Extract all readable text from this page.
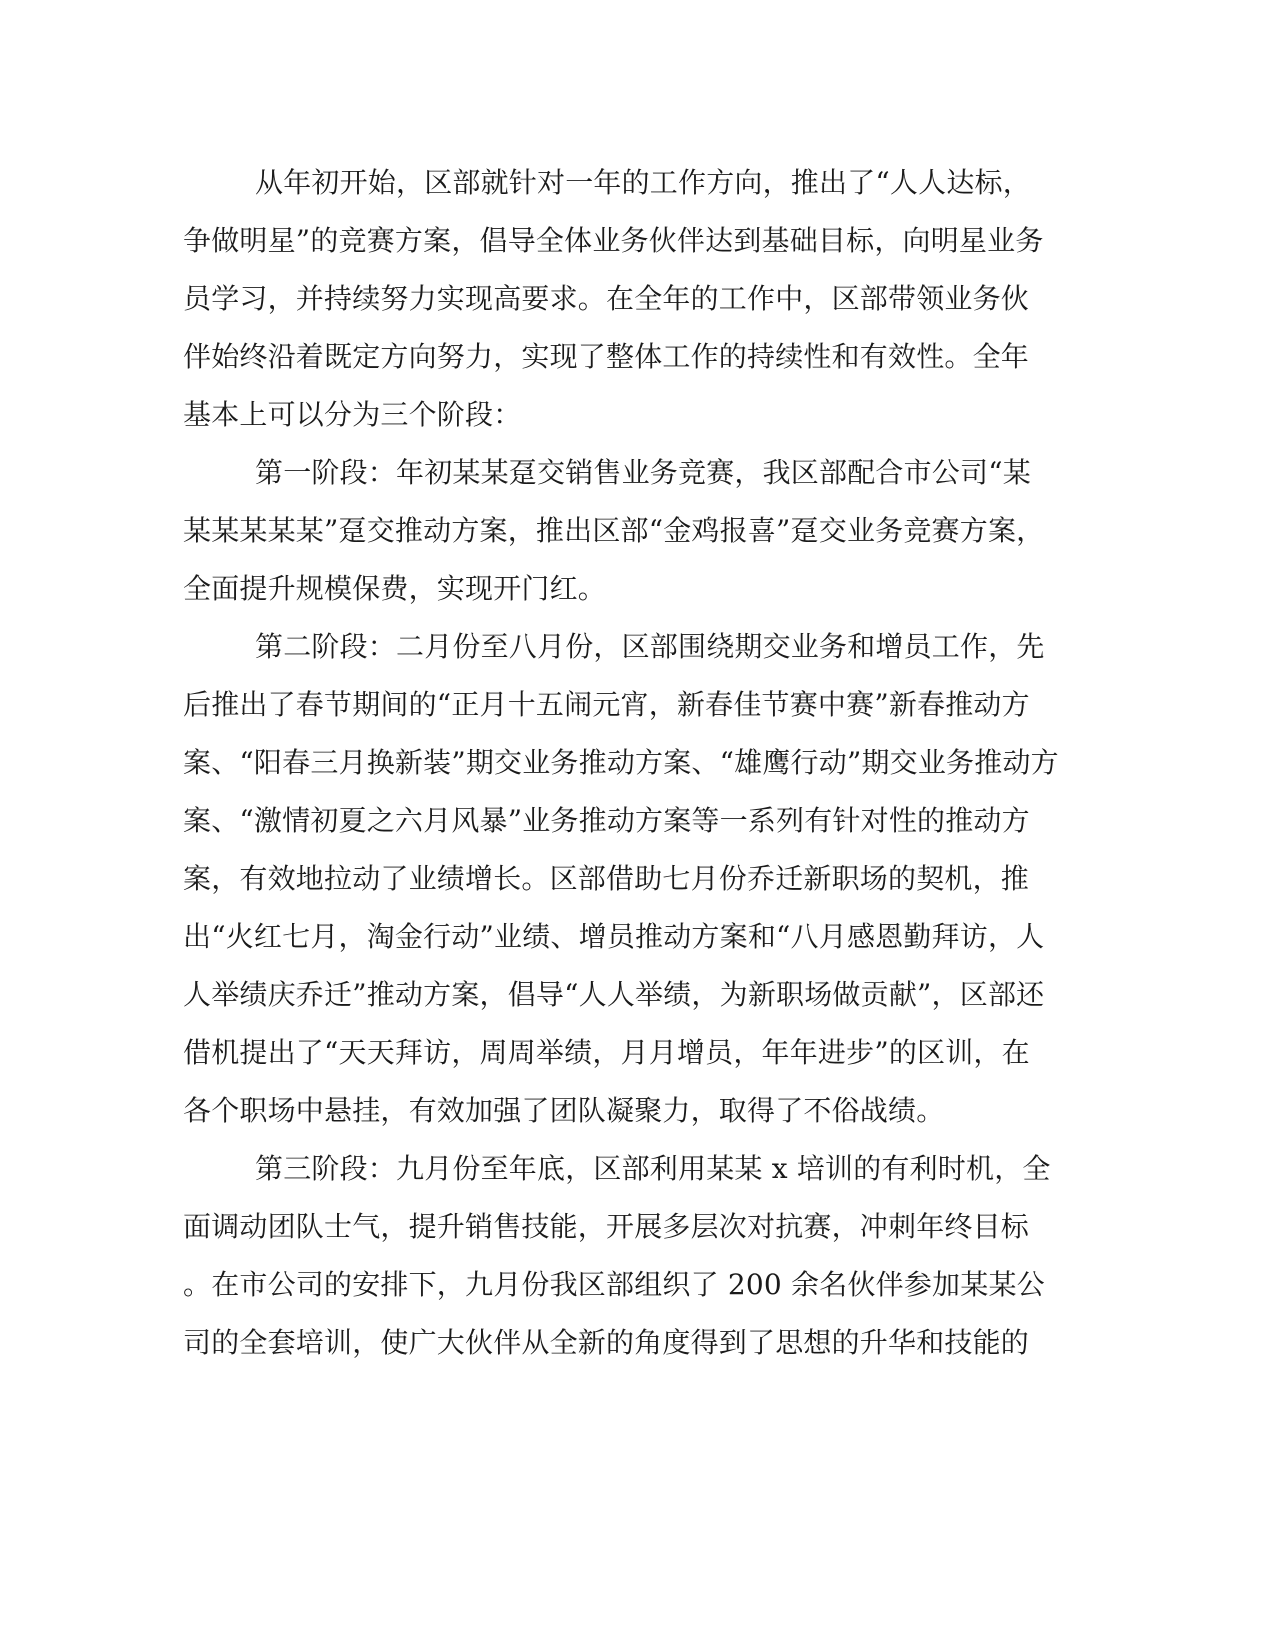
从年初开始，区部就针对一年的工作方向，推出了“人人达标，
争做明星”的竞赛方案，倡导全体业务伙伴达到基础目标，向明星业务
员学习，并持续努力实现高要求。在全年的工作中，区部带领业务伙
伴始终沿着既定方向努力，实现了整体工作的持续性和有效性。全年
基本上可以分为三个阶段：
第一阶段：年初某某趸交销售业务竞赛，我区部配合市公司“某
某某某某某”趸交推动方案，推出区部“金鸡报喜”趸交业务竞赛方案，
全面提升规模保费，实现开门红。
第二阶段：二月份至八月份，区部围绕期交业务和增员工作，先
后推出了春节期间的“正月十五闹元宵，新春佳节赛中赛”新春推动方
案、“阳春三月换新装”期交业务推动方案、“雄鹰行动”期交业务推动方
案、“激情初夏之六月风暴”业务推动方案等一系列有针对性的推动方
案，有效地拉动了业绩增长。区部借助七月份乔迁新职场的契机，推
出“火红七月，淘金行动”业绩、增员推动方案和“八月感恩勤拜访，人
人举绩庆乔迁”推动方案，倡导“人人举绩，为新职场做贡献”，区部还
借机提出了“天天拜访，周周举绩，月月增员，年年进步”的区训，在
各个职场中悬挂，有效加强了团队凝聚力，取得了不俗战绩。
第三阶段：九月份至年底，区部利用某某 x 培训的有利时机，全
面调动团队士气，提升销售技能，开展多层次对抗赛，冲刺年终目标
。在市公司的安排下，九月份我区部组织了 200 余名伙伴参加某某公
司的全套培训，使广大伙伴从全新的角度得到了思想的升华和技能的
